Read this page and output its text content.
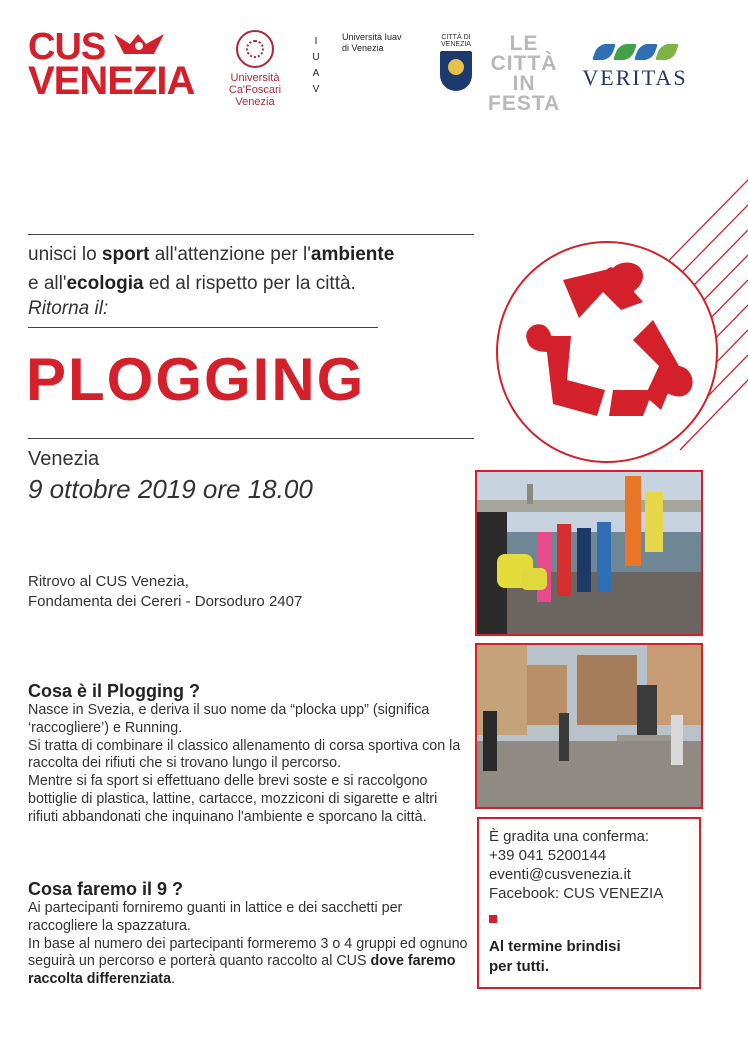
CUS
VENEZIA	Università
Ca'Foscari
Venezia
I
U
A
V
Università Iuav
di Venezia
CITTÀ DI
VENEZIA	LE
CITTÀ
IN
FESTA
VERITAS
unisci lo sport all'attenzione per l'ambiente
e all'ecologia ed al rispetto per la città.
Ritorna il:
PLOGGING
Venezia
9 ottobre 2019 ore 18.00
Ritrovo al CUS Venezia,
Fondamenta dei Cereri - Dorsoduro 2407
Cosa è il Plogging ?

Nasce in Svezia, e deriva il suo nome da “plocka upp” (significa ‘raccogliere’) e Running.

Si tratta di combinare il classico allenamento di corsa sportiva con la raccolta dei rifiuti che si trovano lungo il percorso.

Mentre si fa sport si effettuano delle brevi soste e si raccolgono bottiglie di plastica, lattine, cartacce, mozziconi di sigarette e altri rifiuti abbandonati che inquinano l'ambiente e sporcano la città.

Cosa faremo il 9 ?

Ai partecipanti forniremo guanti in lattice e dei sacchetti per raccogliere la spazzatura.

In base al numero dei partecipanti formeremo 3 o 4 gruppi ed ognuno seguirà un percorso e porterà quanto raccolto al CUS dove faremo raccolta differenziata.

È gradita una conferma:
+39 041 5200144
eventi@cusvenezia.it
Facebook: CUS VENEZIA
Al termine brindisi
per tutti.
